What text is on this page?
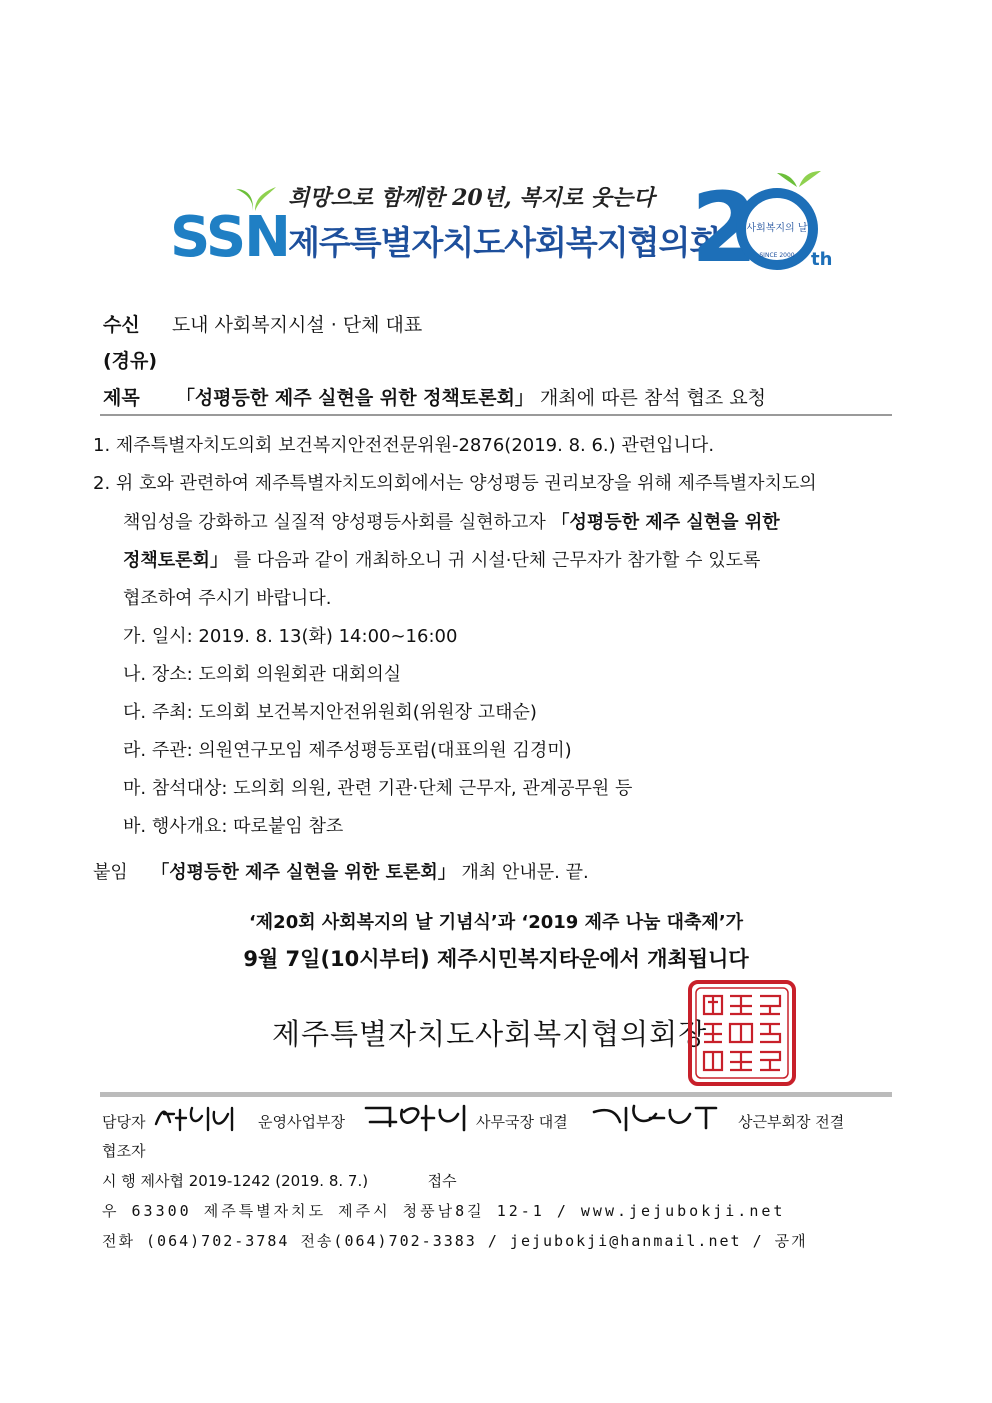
SSN
희망으로 함께한 20년, 복지로 웃는다
제주특별자치도사회복지협의회
2
사회복지의 날
SINCE 2000 th
수신 도내 사회복지시설 · 단체 대표
(경유)
제목 「성평등한 제주 실현을 위한 정책토론회」 개최에 따른 참석 협조 요청
1. 제주특별자치도의회 보건복지안전전문위원-2876(2019. 8. 6.) 관련입니다.
2. 위 호와 관련하여 제주특별자치도의회에서는 양성평등 권리보장을 위해 제주특별자치도의
책임성을 강화하고 실질적 양성평등사회를 실현하고자 「성평등한 제주 실현을 위한
정책토론회」 를 다음과 같이 개최하오니 귀 시설·단체 근무자가 참가할 수 있도록
협조하여 주시기 바랍니다.
가. 일시: 2019. 8. 13(화) 14:00~16:00
나. 장소: 도의회 의원회관 대회의실
다. 주최: 도의회 보건복지안전위원회(위원장 고태순)
라. 주관: 의원연구모임 제주성평등포럼(대표의원 김경미)
마. 참석대상: 도의회 의원, 관련 기관·단체 근무자, 관계공무원 등
바. 행사개요: 따로붙임 참조
붙임 「성평등한 제주 실현을 위한 토론회」 개최 안내문. 끝.
‘제20회 사회복지의 날 기념식’과 ‘2019 제주 나눔 대축제’가
9월 7일(10시부터) 제주시민복지타운에서 개최됩니다
제주특별자치도사회복지협의회장
담당자	운영사업부장	사무국장 대결	상근부회장 전결
협조자
시 행 제사협 2019-1242 (2019. 8. 7.)	접수
우 63300 제주특별자치도 제주시 청풍남8길 12-1 / www.jejubokji.net
전화 (064)702-3784 전송(064)702-3383 / jejubokji@hanmail.net / 공개
